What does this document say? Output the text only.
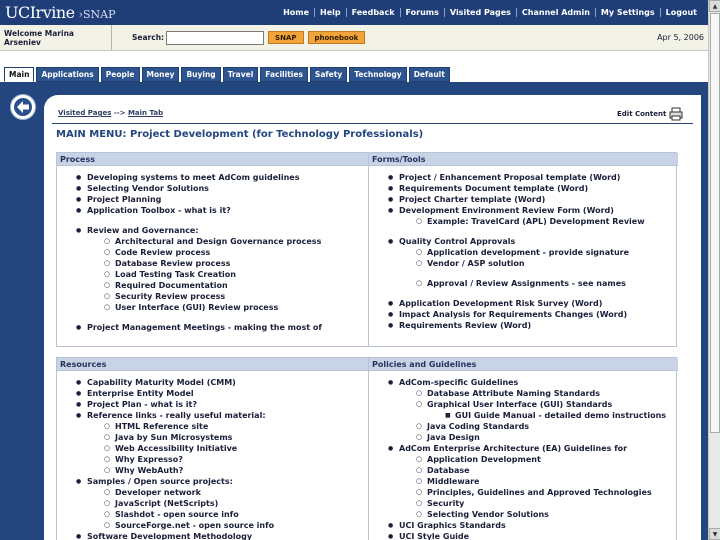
UCIrvine ›SNAP	Home	Help	Feedback	Forums	Visited Pages	Channel Admin	My Settings	Logout
Welcome Marina Arseniev	Search:	SNAP	phonebook	Apr 5, 2006
Main	Applications	People	Money	Buying	Travel	Facilities	Safety	Technology	Default
Visited Pages --> Main Tab	Edit Content
MAIN MENU: Project Development (for Technology Professionals)
Process
● Developing systems to meet AdCom guidelines
● Selecting Vendor Solutions
● Project Planning
● Application Toolbox - what is it?
● Review and Governance:
○ Architectural and Design Governance process
○ Code Review process
○ Database Review process
○ Load Testing Task Creation
○ Required Documentation
○ Security Review process
○ User Interface (GUI) Review process
● Project Management Meetings - making the most of
Forms/Tools
● Project / Enhancement Proposal template (Word)
● Requirements Document template (Word)
● Project Charter template (Word)
● Development Environment Review Form (Word)
○ Example: TravelCard (APL) Development Review
● Quality Control Approvals
○ Application development - provide signature
○ Vendor / ASP solution
○ Approval / Review Assignments - see names
● Application Development Risk Survey (Word)
● Impact Analysis for Requirements Changes (Word)
● Requirements Review (Word)
Resources
● Capability Maturity Model (CMM)
● Enterprise Entity Model
● Project Plan - what is it?
● Reference links - really useful material:
○ HTML Reference site
○ Java by Sun Microsystems
○ Web Accessibility Initiative
○ Why Expresso?
○ Why WebAuth?
● Samples / Open source projects:
○ Developer network
○ JavaScript (NetScripts)
○ Slashdot - open source info
○ SourceForge.net - open source info
● Software Development Methodology
Policies and Guidelines
● AdCom-specific Guidelines
○ Database Attribute Naming Standards
○ Graphical User Interface (GUI) Standards
■ GUI Guide Manual - detailed demo instructions
○ Java Coding Standards
○ Java Design
● AdCom Enterprise Architecture (EA) Guidelines for
○ Application Development
○ Database
○ Middleware
○ Principles, Guidelines and Approved Technologies
○ Security
○ Selecting Vendor Solutions
● UCI Graphics Standards
● UCI Style Guide
▲
▼
